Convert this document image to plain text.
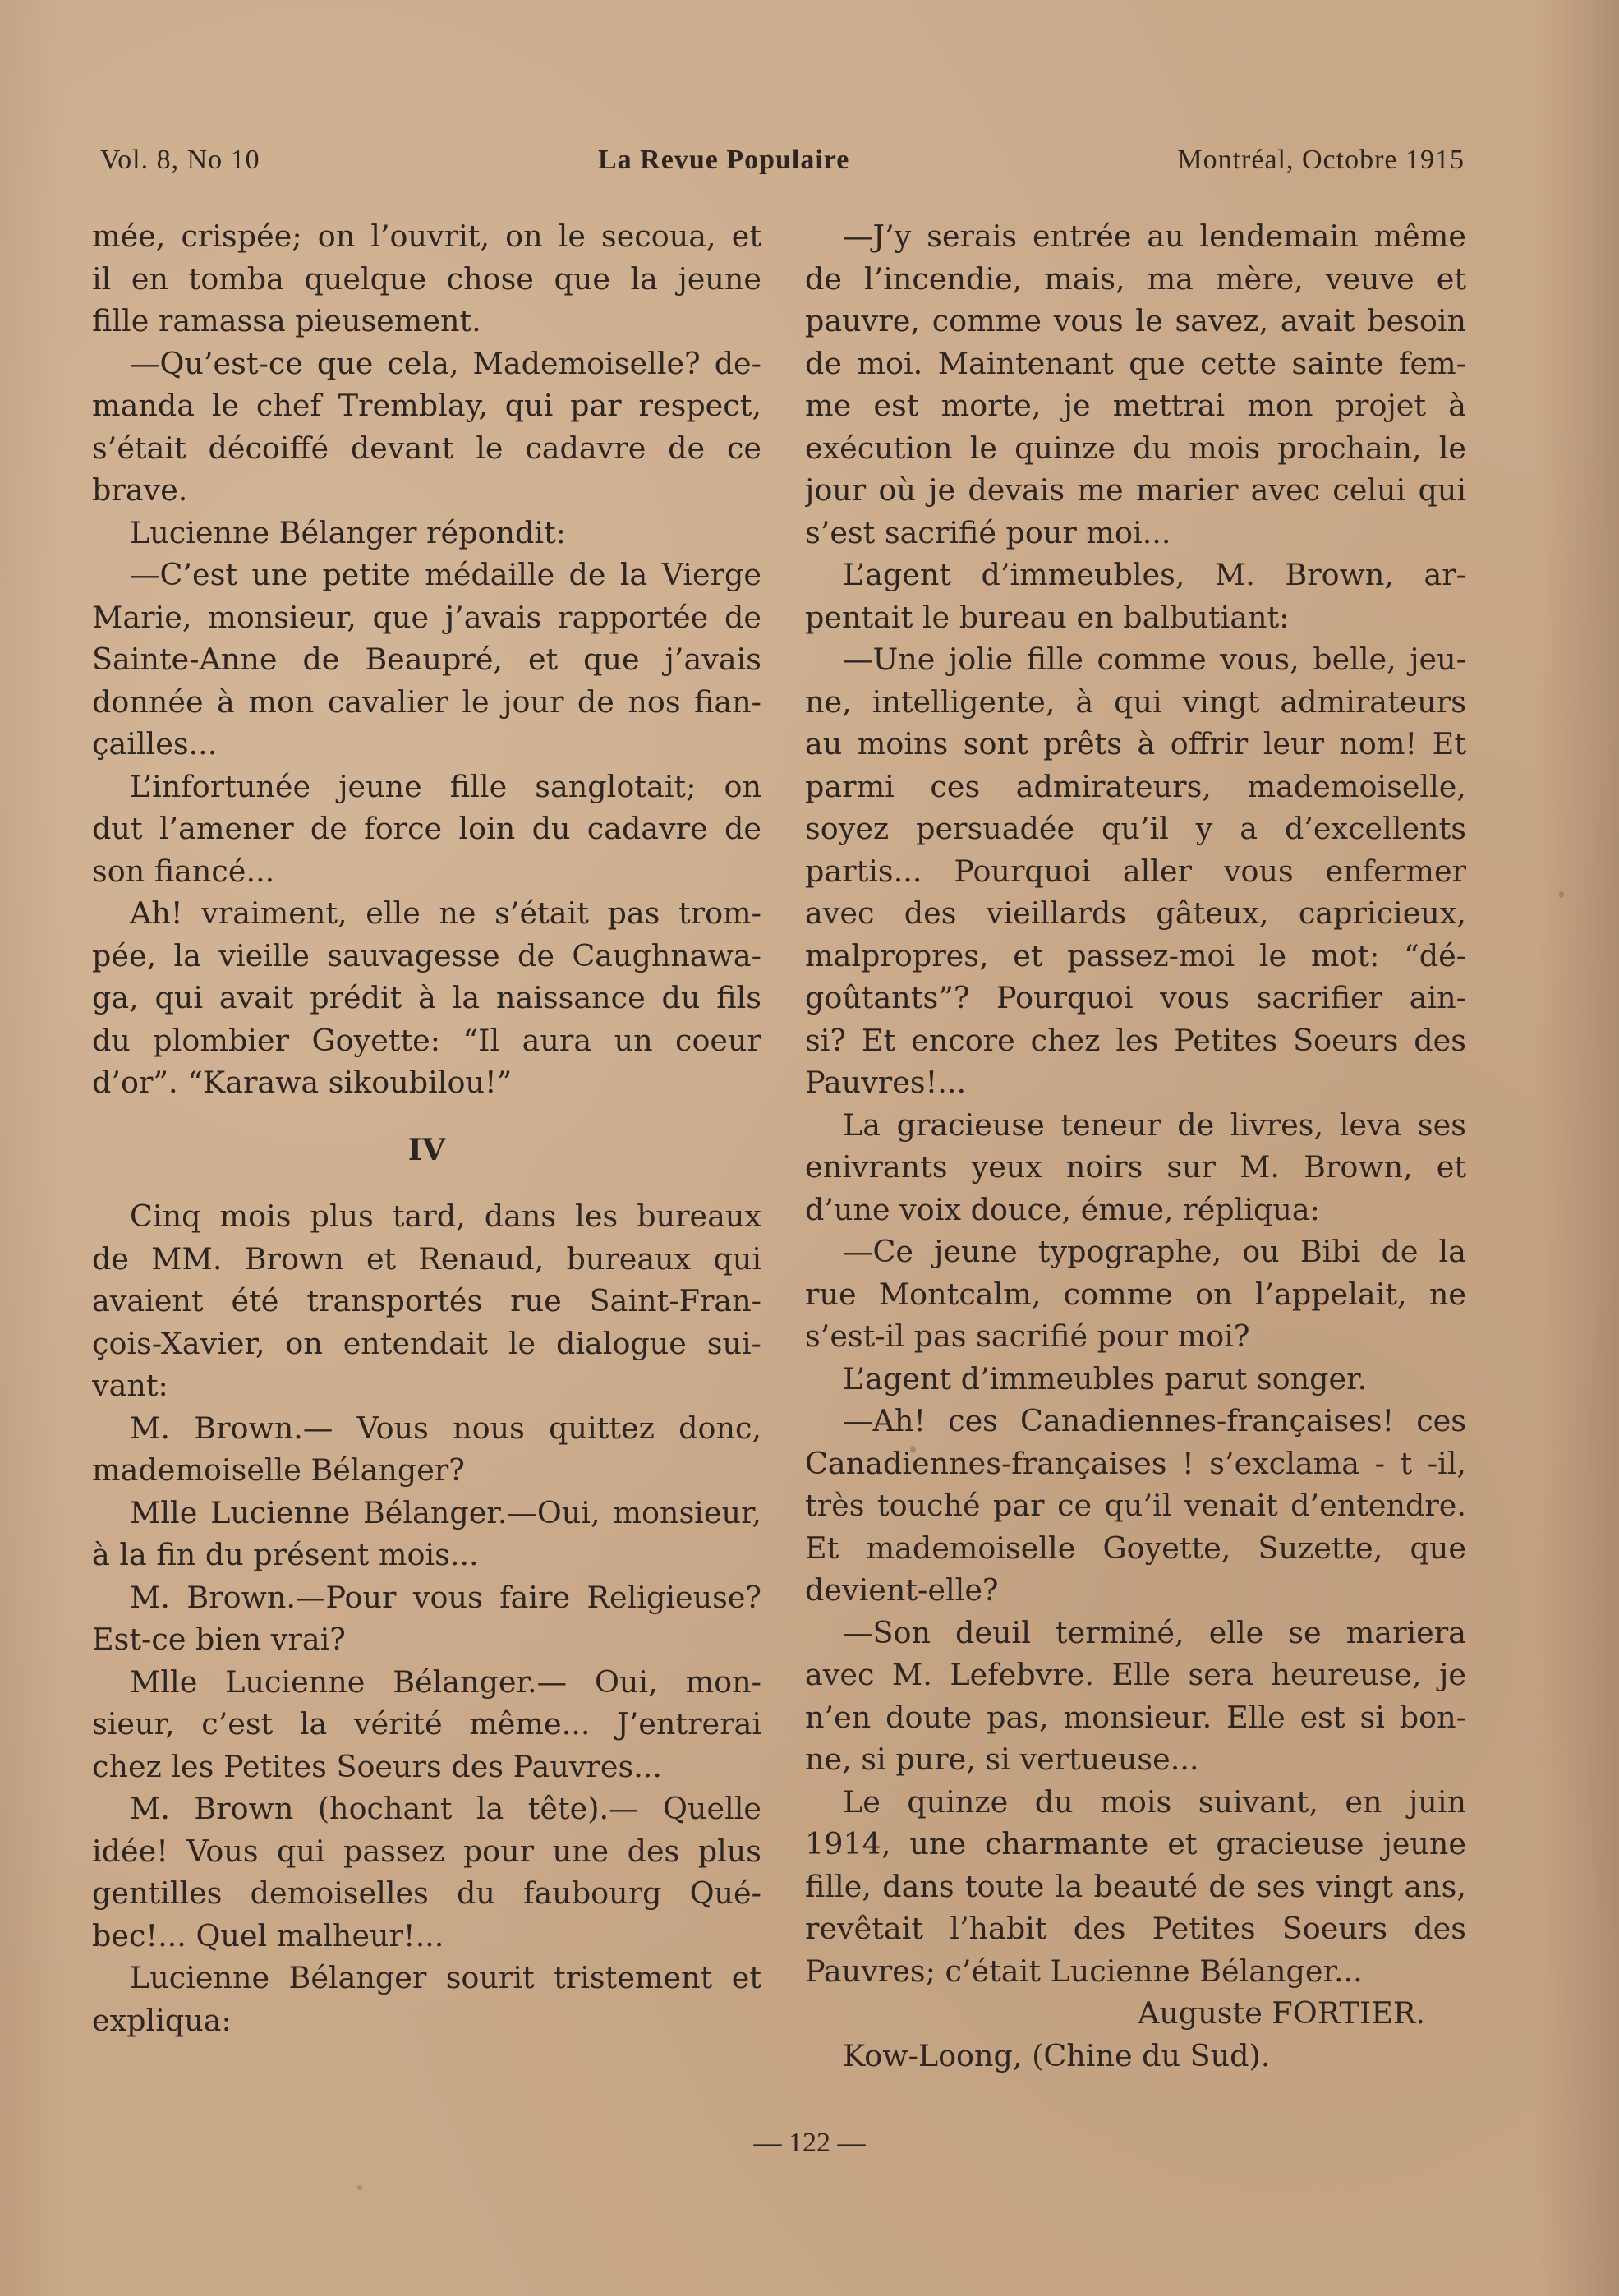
Vol. 8, No 10	La Revue Populaire	Montréal, Octobre 1915
mée, crispée; on l’ouvrit, on le secoua, et
il en tomba quelque chose que la jeune
fille ramassa pieusement.
—Qu’est-ce que cela, Mademoiselle? de-
manda le chef Tremblay, qui par respect,
s’était décoiffé devant le cadavre de ce
brave.
Lucienne Bélanger répondit:
—C’est une petite médaille de la Vierge
Marie, monsieur, que j’avais rapportée de
Sainte-Anne de Beaupré, et que j’avais
donnée à mon cavalier le jour de nos fian-
çailles...
L’infortunée jeune fille sanglotait; on
dut l’amener de force loin du cadavre de
son fiancé...
Ah! vraiment, elle ne s’était pas trom-
pée, la vieille sauvagesse de Caughnawa-
ga, qui avait prédit à la naissance du fils
du plombier Goyette: “Il aura un coeur
d’or”. “Karawa sikoubilou!”
IV
Cinq mois plus tard, dans les bureaux
de MM. Brown et Renaud, bureaux qui
avaient été transportés rue Saint-Fran-
çois-Xavier, on entendait le dialogue sui-
vant:
M. Brown.— Vous nous quittez donc,
mademoiselle Bélanger?
Mlle Lucienne Bélanger.—Oui, monsieur,
à la fin du présent mois...
M. Brown.—Pour vous faire Religieuse?
Est-ce bien vrai?
Mlle Lucienne Bélanger.— Oui, mon-
sieur, c’est la vérité même... J’entrerai
chez les Petites Soeurs des Pauvres...
M. Brown (hochant la tête).— Quelle
idée! Vous qui passez pour une des plus
gentilles demoiselles du faubourg Qué-
bec!... Quel malheur!...
Lucienne Bélanger sourit tristement et
expliqua:
—J’y serais entrée au lendemain même
de l’incendie, mais, ma mère, veuve et
pauvre, comme vous le savez, avait besoin
de moi. Maintenant que cette sainte fem-
me est morte, je mettrai mon projet à
exécution le quinze du mois prochain, le
jour où je devais me marier avec celui qui
s’est sacrifié pour moi...
L’agent d’immeubles, M. Brown, ar-
pentait le bureau en balbutiant:
—Une jolie fille comme vous, belle, jeu-
ne, intelligente, à qui vingt admirateurs
au moins sont prêts à offrir leur nom! Et
parmi ces admirateurs, mademoiselle,
soyez persuadée qu’il y a d’excellents
partis... Pourquoi aller vous enfermer
avec des vieillards gâteux, capricieux,
malpropres, et passez-moi le mot: “dé-
goûtants”? Pourquoi vous sacrifier ain-
si? Et encore chez les Petites Soeurs des
Pauvres!...
La gracieuse teneur de livres, leva ses
enivrants yeux noirs sur M. Brown, et
d’une voix douce, émue, répliqua:
—Ce jeune typographe, ou Bibi de la
rue Montcalm, comme on l’appelait, ne
s’est-il pas sacrifié pour moi?
L’agent d’immeubles parut songer.
—Ah! ces Canadiennes-françaises! ces
Canadiennes-françaises ! s’exclama - t -il,
très touché par ce qu’il venait d’entendre.
Et mademoiselle Goyette, Suzette, que
devient-elle?
—Son deuil terminé, elle se mariera
avec M. Lefebvre. Elle sera heureuse, je
n’en doute pas, monsieur. Elle est si bon-
ne, si pure, si vertueuse...
Le quinze du mois suivant, en juin
1914, une charmante et gracieuse jeune
fille, dans toute la beauté de ses vingt ans,
revêtait l’habit des Petites Soeurs des
Pauvres; c’était Lucienne Bélanger...
Auguste FORTIER.
Kow-Loong, (Chine du Sud).
— 122 —
